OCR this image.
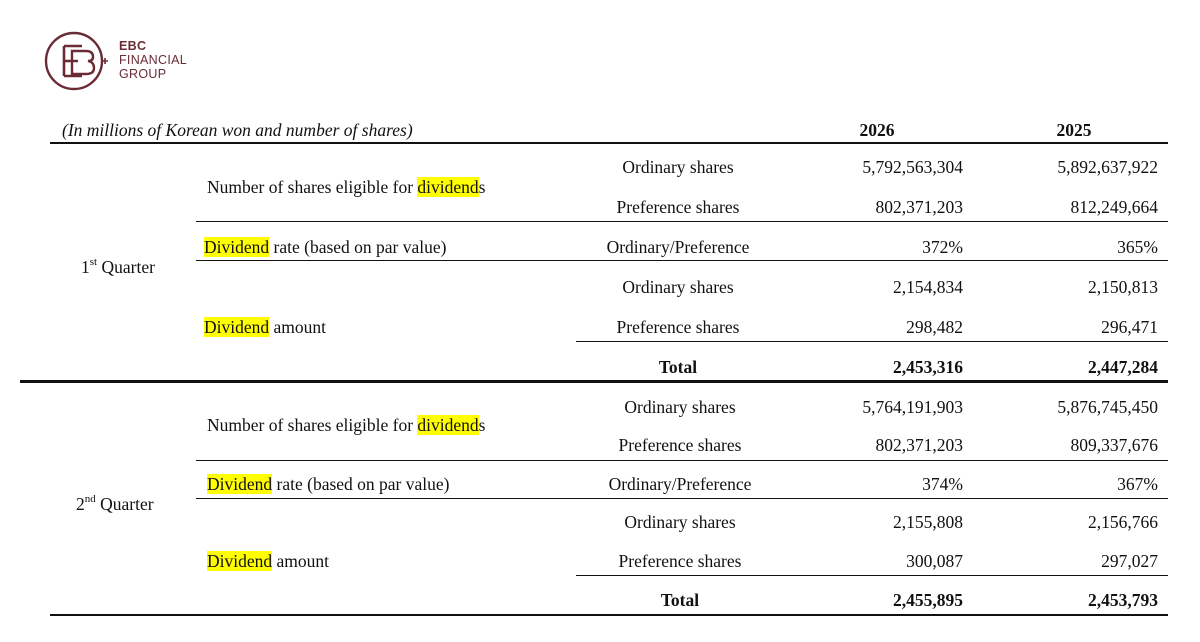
EBC
FINANCIAL
GROUP
(In millions of Korean won and number of shares)	2026	2025
1st Quarter
Number of shares eligible for dividends
Ordinary shares	5,792,563,304	5,892,637,922
Preference shares	802,371,203	812,249,664
Dividend rate (based on par value)	Ordinary/Preference	372%	365%
Dividend amount
Ordinary shares	2,154,834	2,150,813
Preference shares	298,482	296,471
Total	2,453,316	2,447,284
2nd Quarter
Number of shares eligible for dividends
Ordinary shares	5,764,191,903	5,876,745,450
Preference shares	802,371,203	809,337,676
Dividend rate (based on par value)	Ordinary/Preference	374%	367%
Dividend amount
Ordinary shares	2,155,808	2,156,766
Preference shares	300,087	297,027
Total	2,455,895	2,453,793
